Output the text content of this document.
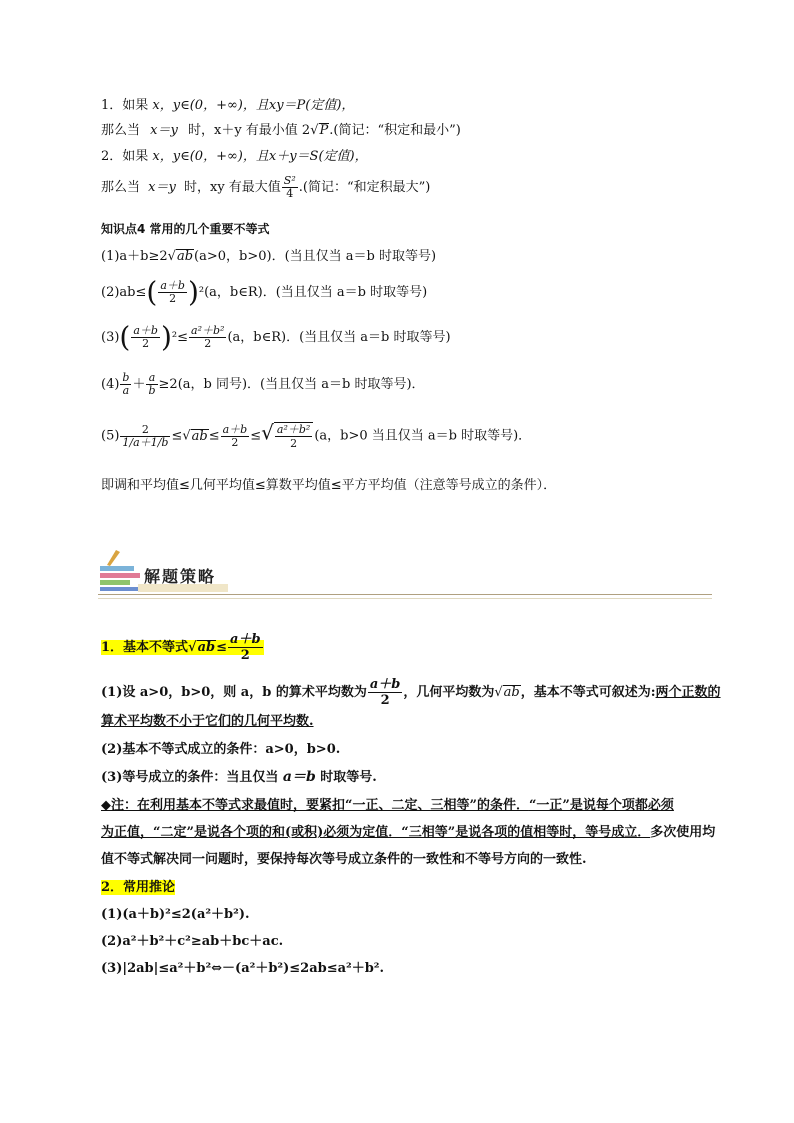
1．如果 x，y∈(0，+∞)，且xy＝P(定值)，
那么当 x＝y 时，x＋y 有最小值 2√P.(简记：“积定和最小”)
2．如果 x，y∈(0，+∞)，且x＋y＝S(定值)，
那么当 x＝y 时，xy 有最大值 $\frac{\text{S²}}{4}$ .(简记：“和定积最大”)
知识点4 常用的几个重要不等式
(1)a＋b≥2√ab(a>0，b>0)．(当且仅当 a＝b 时取等号)
$(2)ab\le( \frac{a+b}{2} )^2(a$，b∈R)．(当且仅当 a＝b 时取等号)
$(3)( \frac{a+b}{2} )^2\le \frac{\text{a²＋b²}}{2} (a$，b∈R)．(当且仅当 a＝b 时取等号)
$(4) \frac{b}{a} + \frac{a}{b} \ge 2(a$，b 同号)．(当且仅当 a＝b 时取等号)．
$(5) \frac{2}{1/a+1/b} \le√ab\le \frac{a+b}{2}$ ≤√ $\frac{\text{a²＋b²}}{2} (a$，b>0 当且仅当 a＝b 时取等号)．
即调和平均值≤几何平均值≤算数平均值≤平方平均值（注意等号成立的条件）．
解题策略
1．基本不等式$√ab\le \frac{a+b}{2}$
(1)设 a>0，b>0，则 a，b 的算术平均数为 $\frac{a+b}{2}$ ，几何平均数为√ab，基本不等式可叙述为:两个正数的
算术平均数不小于它们的几何平均数.
(2)基本不等式成立的条件：a>0，b>0.
(3)等号成立的条件：当且仅当 a＝b 时取等号.
◆注：在利用基本不等式求最值时，要紧扣“一正、二定、三相等”的条件．“一正”是说每个项都必须
为正值，“二定”是说各个项的和(或积)必须为定值．“三相等”是说各项的值相等时，等号成立．多次使用均
值不等式解决同一问题时，要保持每次等号成立条件的一致性和不等号方向的一致性.
2．常用推论
(1)(a＋b)²≤2(a²＋b²).
(2)a²＋b²＋c²≥ab＋bc＋ac.
(3)|2ab|≤a²＋b²⇔－(a²＋b²)≤2ab≤a²＋b².
